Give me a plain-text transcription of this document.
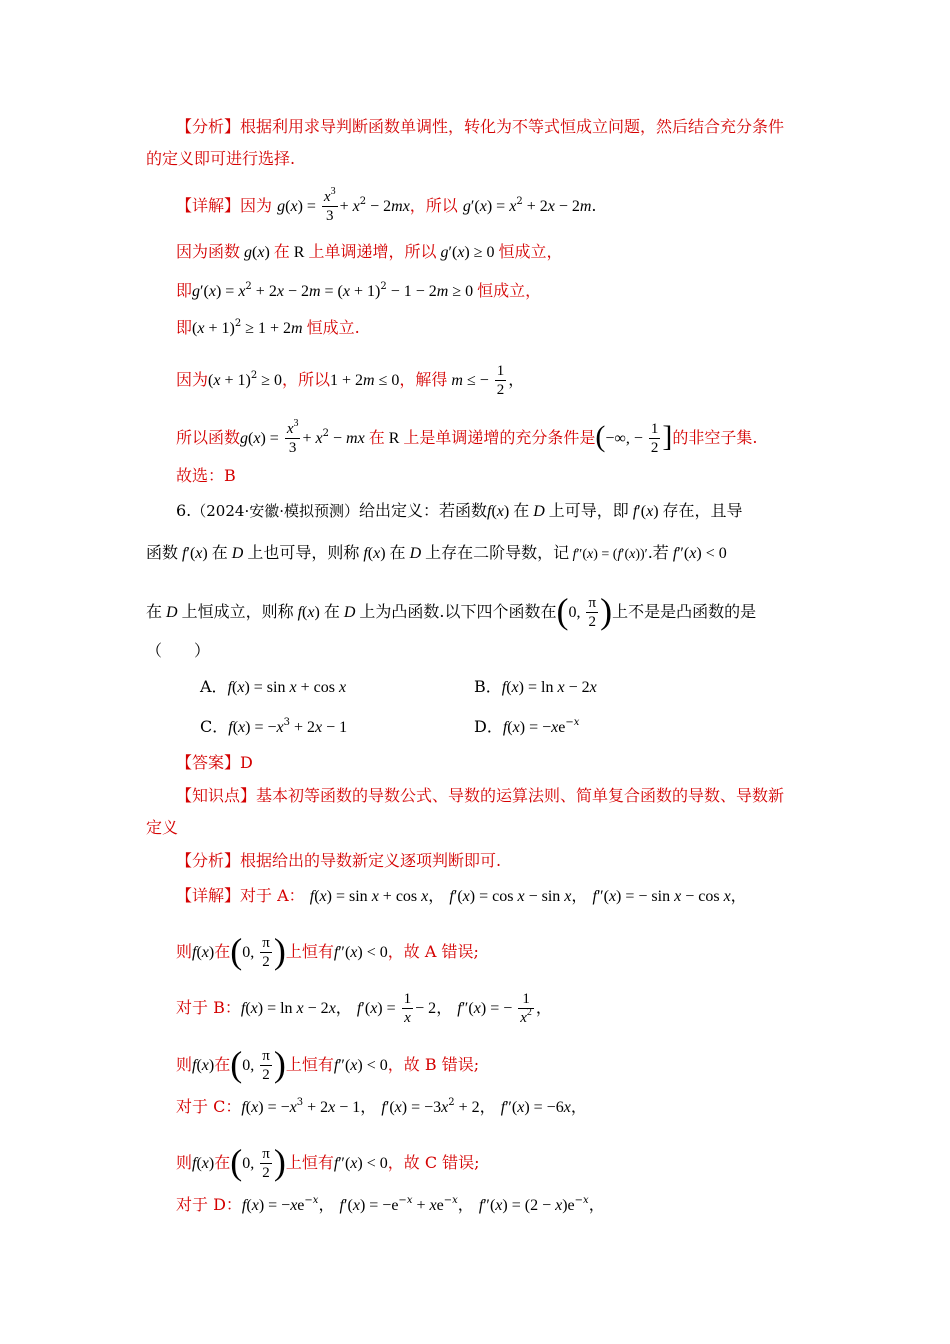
【分析】根据利用求导判断函数单调性，转化为不等式恒成立问题，然后结合充分条件
的定义即可进行选择.
【详解】因为 $g(x) = \frac{x^3}{3} + x^2 - 2mx$，所以 $g'(x) = x^2 + 2x - 2m$.
因为函数 g(x) 在 R 上单调递增，所以 g′(x) ≥ 0 恒成立，
即$g'(x) = x^2 + 2x - 2m = (x + 1)^2 - 1 - 2m \ge 0$ 恒成立，
即$(x + 1)^2 \ge 1 + 2m$ 恒成立.
因为$(x + 1)^2 \ge 0$，所以1 + 2m ≤ 0，解得 m ≤ − $\frac{1}{2}$ ，
所以函数$g(x) = \frac{x^3}{3} + x^2$ − mx 在 R 上是单调递增的充分条件是(−∞, − $\frac{1}{2}$ ]的非空子集.
故选：B
6.（2024·安徽·模拟预测）给出定义：若函数f(x) 在 D 上可导，即 f′(x) 存在，且导
函数 f′(x) 在 D 上也可导，则称 f(x) 在 D 上存在二阶导数，记 f″(x) = (f′(x))′.若 f″(x) < 0
在 D 上恒成立，则称 f(x) 在 D 上为凸函数.以下四个函数在(0, $\frac{\pi}{2}$ )上不是是凸函数的是
（　　）
A．f(x) = sin x + cos x	B．f(x) = ln x − 2x
C．$f(x) = -x^3 + 2x - 1$	D．$f(x) = -xe^{-x}$
【答案】D
【知识点】基本初等函数的导数公式、导数的运算法则、简单复合函数的导数、导数新
定义
【分析】根据给出的导数新定义逐项判断即可.
【详解】对于 A： f(x) = sin x + cos x， f′(x) = cos x − sin x， f″(x) = − sin x − cos x，
则f(x)在(0, $\frac{\pi}{2}$ )上恒有f″(x) < 0，故 A 错误;
对于 B：f(x) = ln x − 2x， $f'(x) = \frac{1}{x} - 2$， f″(x) = − $\frac{1}{x^2}$ ，
则f(x)在(0, $\frac{\pi}{2}$ )上恒有f″(x) < 0，故 B 错误;
对于 C：$f(x) = -x^3 + 2x - 1$， $f'(x) = -3x^2 + 2$， f″(x) = −6x，
则f(x)在(0, $\frac{\pi}{2}$ )上恒有f″(x) < 0，故 C 错误;
对于 D：$f(x) = -xe^{-x}$， $f'(x) = -e^{-x} + xe^{-x}$， $f''(x) = (2 - x)e^{-x}$，
